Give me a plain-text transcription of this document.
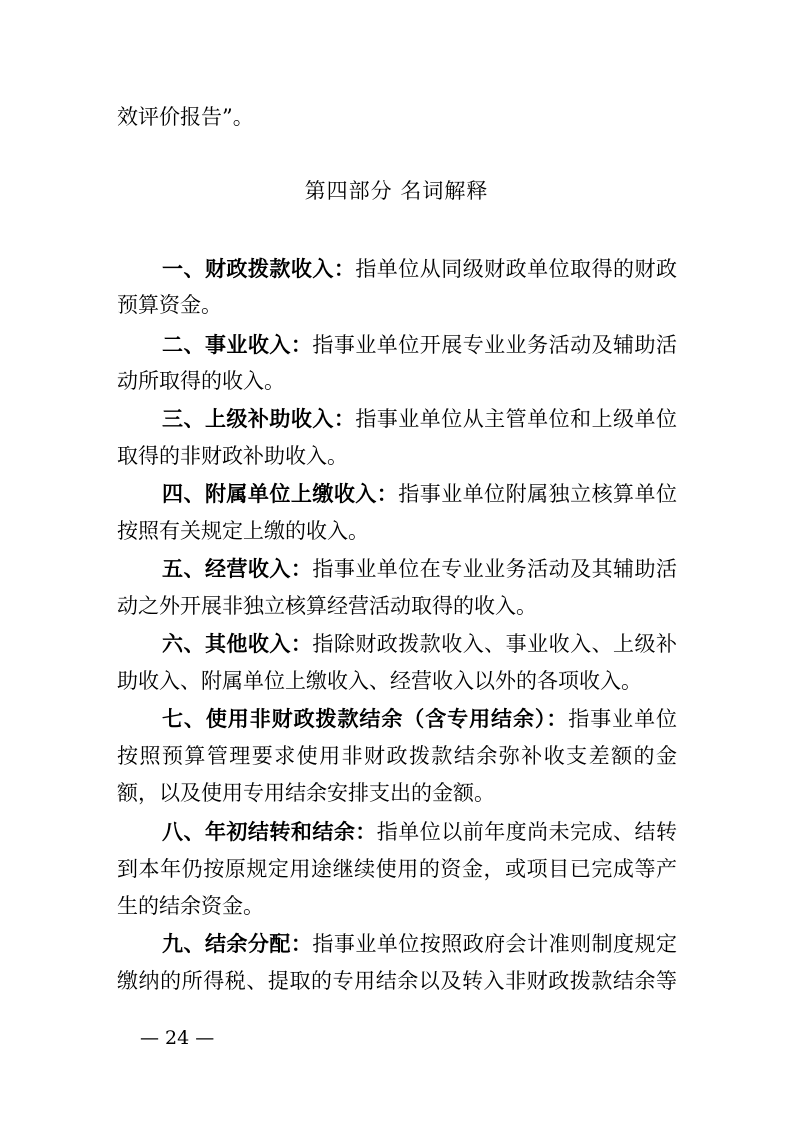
效评价报告”。
第四部分 名词解释
一、财政拨款收入：指单位从同级财政单位取得的财政
预算资金。
二、事业收入：指事业单位开展专业业务活动及辅助活
动所取得的收入。
三、上级补助收入：指事业单位从主管单位和上级单位
取得的非财政补助收入。
四、附属单位上缴收入：指事业单位附属独立核算单位
按照有关规定上缴的收入。
五、经营收入：指事业单位在专业业务活动及其辅助活
动之外开展非独立核算经营活动取得的收入。
六、其他收入：指除财政拨款收入、事业收入、上级补
助收入、附属单位上缴收入、经营收入以外的各项收入。
七、使用非财政拨款结余（含专用结余）：指事业单位
按照预算管理要求使用非财政拨款结余弥补收支差额的金
额，以及使用专用结余安排支出的金额。
八、年初结转和结余：指单位以前年度尚未完成、结转
到本年仍按原规定用途继续使用的资金，或项目已完成等产
生的结余资金。
九、结余分配：指事业单位按照政府会计准则制度规定
缴纳的所得税、提取的专用结余以及转入非财政拨款结余等
— 24 —
